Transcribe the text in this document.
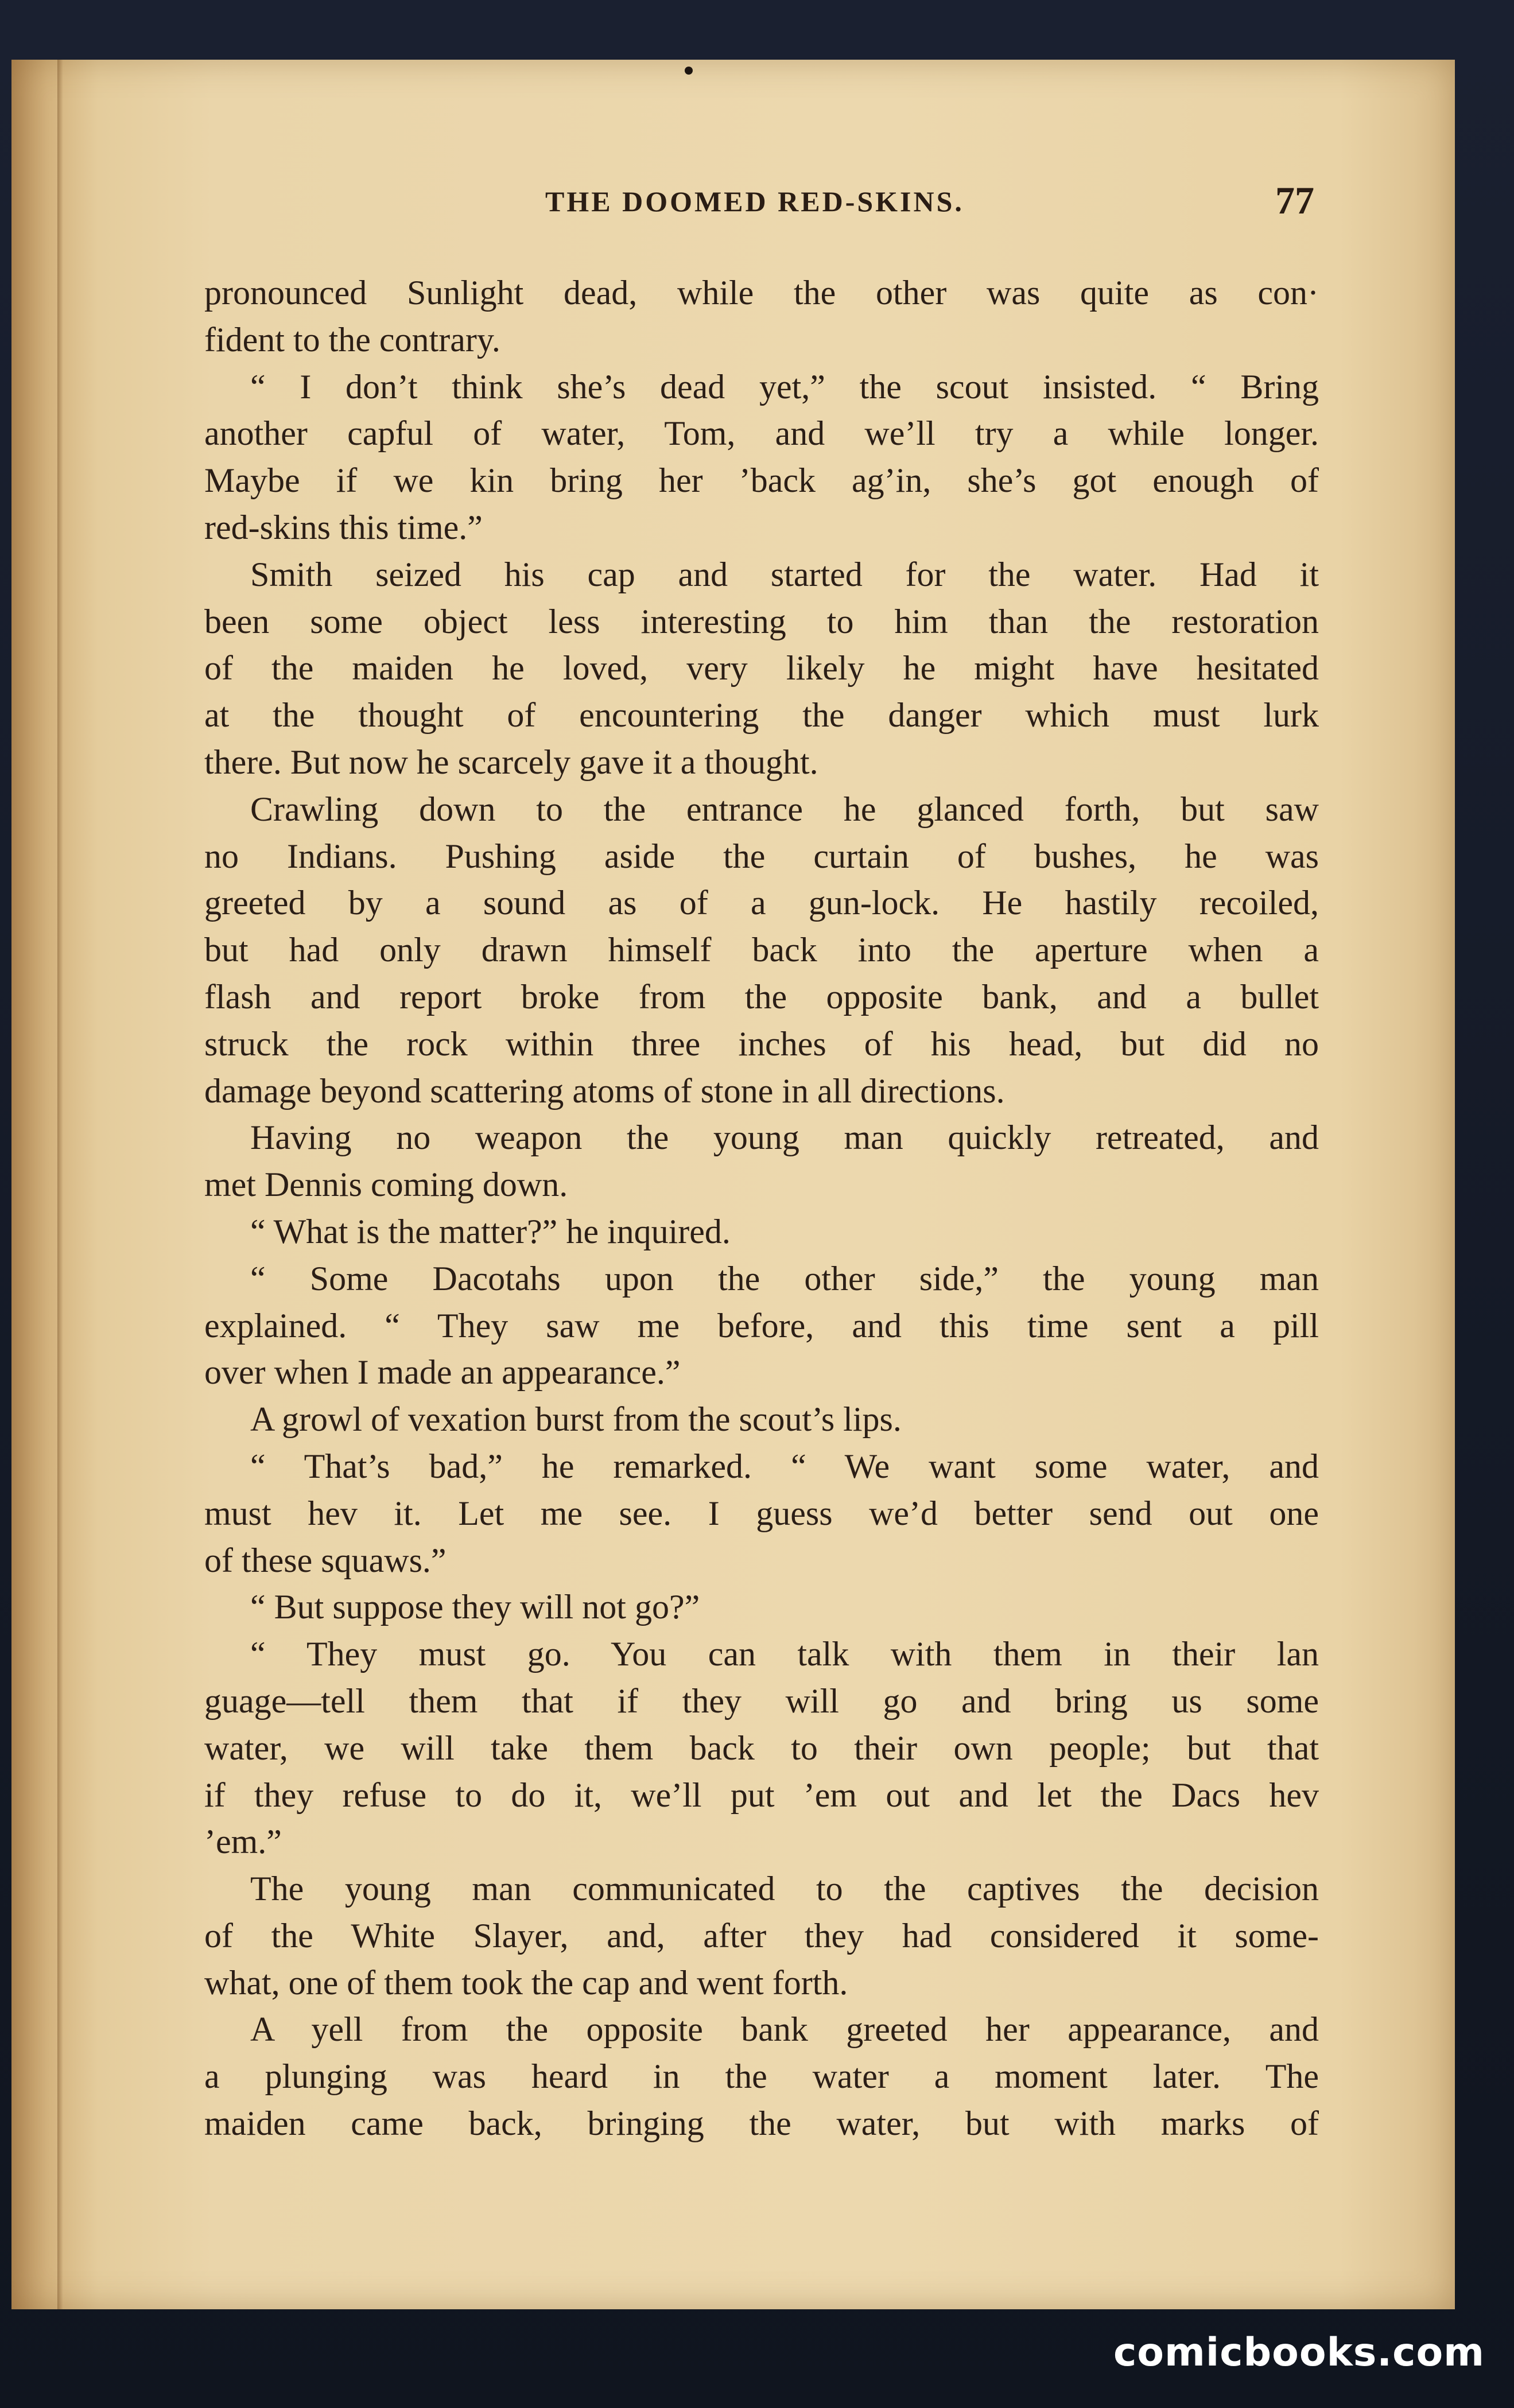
THE DOOMED RED-SKINS.	77
pronounced Sunlight dead, while the other was quite as con·
fident to the contrary.
“ I don’t think she’s dead yet,” the scout insisted. “ Bring
another capful of water, Tom, and we’ll try a while longer.
Maybe if we kin bring her ’back ag’in, she’s got enough of
red-skins this time.”
Smith seized his cap and started for the water. Had it
been some object less interesting to him than the restoration
of the maiden he loved, very likely he might have hesitated
at the thought of encountering the danger which must lurk
there. But now he scarcely gave it a thought.
Crawling down to the entrance he glanced forth, but saw
no Indians. Pushing aside the curtain of bushes, he was
greeted by a sound as of a gun-lock. He hastily recoiled,
but had only drawn himself back into the aperture when a
flash and report broke from the opposite bank, and a bullet
struck the rock within three inches of his head, but did no
damage beyond scattering atoms of stone in all directions.
Having no weapon the young man quickly retreated, and
met Dennis coming down.
“ What is the matter?” he inquired.
“ Some Dacotahs upon the other side,” the young man
explained. “ They saw me before, and this time sent a pill
over when I made an appearance.”
A growl of vexation burst from the scout’s lips.
“ That’s bad,” he remarked. “ We want some water, and
must hev it. Let me see. I guess we’d better send out one
of these squaws.”
“ But suppose they will not go?”
“ They must go. You can talk with them in their lan
guage—tell them that if they will go and bring us some
water, we will take them back to their own people; but that
if they refuse to do it, we’ll put ’em out and let the Dacs hev
’em.”
The young man communicated to the captives the decision
of the White Slayer, and, after they had considered it some-
what, one of them took the cap and went forth.
A yell from the opposite bank greeted her appearance, and
a plunging was heard in the water a moment later. The
maiden came back, bringing the water, but with marks of
comicbooks.com
